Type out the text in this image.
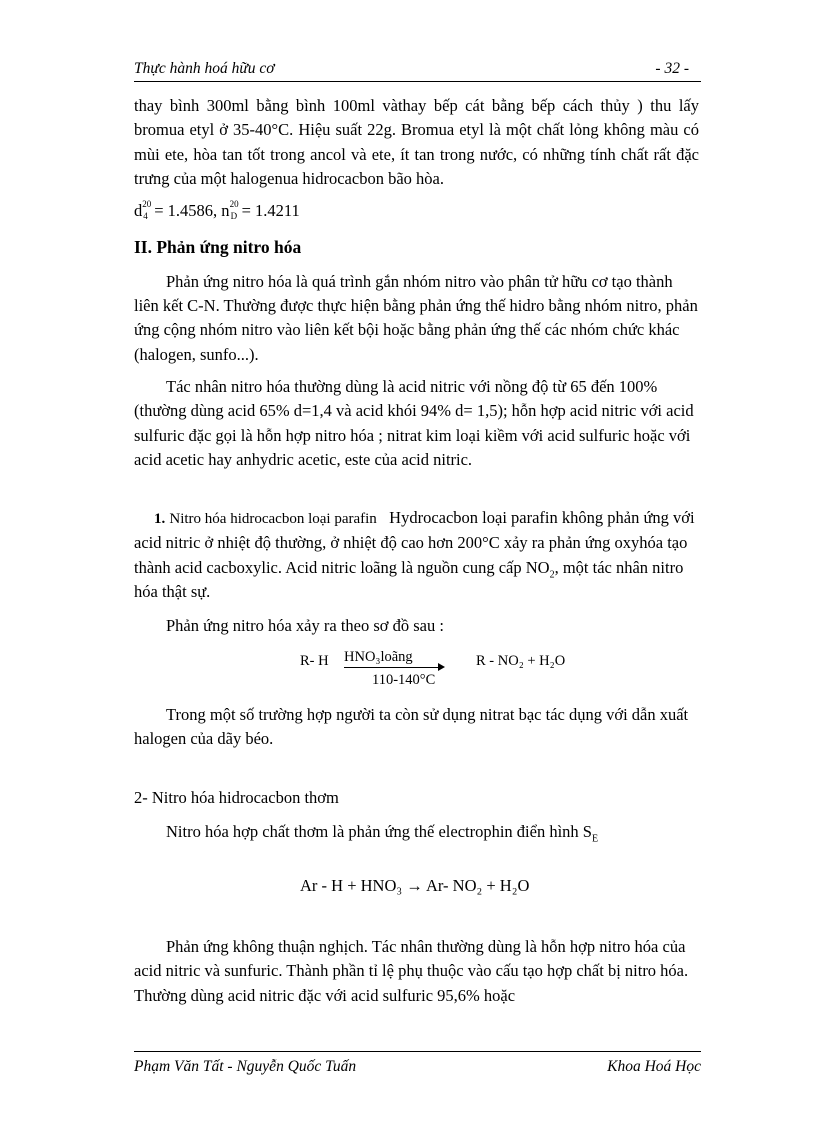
Thực hành hoá hữu cơ	- 32 -

thay bình 300ml bằng bình 100ml vàthay bếp cát bằng bếp cách thủy ) thu lấy bromua etyl ở 35-40°C. Hiệu suất 22g. Bromua etyl là một chất lỏng không màu có mùi ete, hòa tan tốt trong ancol và ete, ít tan trong nước, có những tính chất rất đặc trưng của một halogenua hidrocacbon bão hòa.

d 20
4 = 1.4586, n 20
D = 1.4211

II. Phản ứng nitro hóa

Phản ứng nitro hóa là quá trình gắn nhóm nitro vào phân tử hữu cơ tạo thành liên kết C-N. Thường được thực hiện bằng phản ứng thế hidro bằng nhóm nitro, phản ứng cộng nhóm nitro vào liên kết bội hoặc bằng phản ứng thế các nhóm chức khác (halogen, sunfo...).

Tác nhân nitro hóa thường dùng là acid nitric với nồng độ từ 65 đến 100% (thường dùng acid 65% d=1,4 và acid khói 94% d= 1,5); hỗn hợp acid nitric với acid sulfuric đặc gọi là hỗn hợp nitro hóa ; nitrat kim loại kiềm với acid sulfuric hoặc với acid acetic hay anhydric acetic, este của acid nitric.

1. Nitro hóa hidrocacbon loại parafin Hydrocacbon loại parafin không phản ứng với acid nitric ở nhiệt độ thường, ở nhiệt độ cao hơn 200°C xảy ra phản ứng oxyhóa tạo thành acid cacboxylic. Acid nitric loãng là nguồn cung cấp $NO_2$, một tác nhân nitro hóa thật sự.

Phản ứng nitro hóa xảy ra theo sơ đồ sau :

R- H HNO₃loãng
110-140°C
R - NO₂ + H₂O

Trong một số trường hợp người ta còn sử dụng nitrat bạc tác dụng với dẫn xuất halogen của dãy béo.

2- Nitro hóa hidrocacbon thơm

Nitro hóa hợp chất thơm là phản ứng thế electrophin điển hình $S_E$

Ar - H + HNO₃ → Ar- NO₂ + H₂O

Phản ứng không thuận nghịch. Tác nhân thường dùng là hỗn hợp nitro hóa của acid nitric và sunfuric. Thành phần tỉ lệ phụ thuộc vào cấu tạo hợp chất bị nitro hóa. Thường dùng acid nitric đặc với acid sulfuric 95,6% hoặc

Phạm Văn Tất - Nguyễn Quốc Tuấn	Khoa Hoá Học
